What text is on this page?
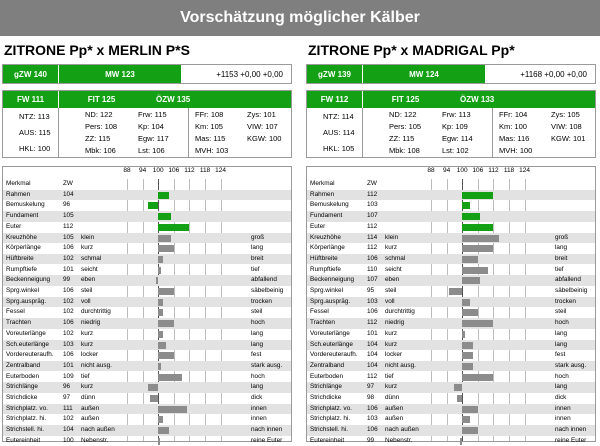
Vorschätzung möglicher Kälber
ZITRONE Pp* x MERLIN P*S
gZW 140	MW 123	+1153 +0,00 +0,00
FW 111	FIT 125	ÖZW 135
NTZ: 113
AUS: 115
HKL: 100
ND: 122	Frw: 115
Pers: 108	Kp: 104
ZZ: 115	Egw: 117
Mbk: 106	Lst: 106
FFr: 108	Zys: 101
Km: 105	VIW: 107
Mas: 115	KGW: 100
MVH: 103
88 94 100 106 112 118 124
Merkmal	ZW
Rahmen	104
Bemuskelung	96
Fundament	105
Euter	112
Kreuzhöhe	105 klein	groß
Körperlänge	106 kurz	lang
Hüftbreite	102 schmal	breit
Rumpftiefe	101 seicht	tief
Beckenneigung 99 eben	abfallend
Sprg.winkel	106 steil	säbelbeinig
Sprg.ausprāg.	102 voll	trocken
Fessel	102 durchtrittig	steil
Trachten	106 niedrig	hoch
Voreuterlänge	102 kurz	lang
Sch.euterlänge 103 kurz	lang
Vordereuteraufh. 106 locker	fest
Zentralband	101 nicht ausg.	stark ausg.
Euterboden	109 tief	hoch
Strichlänge	96 kurz	lang
Strichdicke	97 dünn	dick
Strichplatz. vo. 111 außen	innen
Strichplatz. hi.	102 außen	innen
Strichstell. hi.	104 nach außen	nach innen
Eutereinheit	100 Nebenstr.	reine Euter
ZITRONE Pp* x MADRIGAL Pp*
gZW 139	MW 124	+1168 +0,00 +0,00
FW 112	FIT 125	ÖZW 133
NTZ: 114
AUS: 114
HKL: 105
ND: 122	Frw: 113
Pers: 105	Kp: 109
ZZ: 115	Egw: 114
Mbk: 108	Lst: 102
FFr: 104	Zys: 105
Km: 100	VIW: 108
Mas: 116	KGW: 101
MVH: 100
88 94 100 106 112 118 124
Merkmal	ZW
Rahmen	112
Bemuskelung	103
Fundament	107
Euter	112
Kreuzhöhe	114 klein	groß
Körperlänge	112 kurz	lang
Hüftbreite	106 schmal	breit
Rumpftiefe	110 seicht	tief
Beckenneigung 107 eben	abfallend
Sprg.winkel	95 steil	säbelbeinig
Sprg.ausprāg.	103 voll	trocken
Fessel	106 durchtrittig	steil
Trachten	112 niedrig	hoch
Voreuterlänge	101 kurz	lang
Sch.euterlänge 104 kurz	lang
Vordereuteraufh. 104 locker	fest
Zentralband	104 nicht ausg.	stark ausg.
Euterboden	112 tief	hoch
Strichlänge	97 kurz	lang
Strichdicke	98 dünn	dick
Strichplatz. vo. 106 außen	innen
Strichplatz. hi.	103 außen	innen
Strichstell. hi.	106 nach außen	nach innen
Eutereinheit	99 Nebenstr.	reine Euter
